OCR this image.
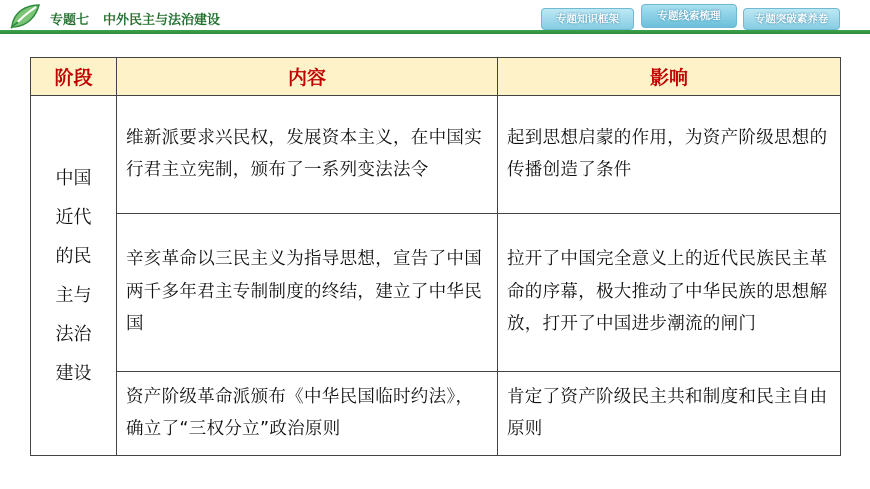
专题七 中外民主与法治建设	专题知识框架	专题线索梳理	专题突破素养卷
阶段	内容	影响
中国近代的民主与法治建设	维新派要求兴民权，发展资本主义，在中国实行君主立宪制，颁布了一系列变法法令	起到思想启蒙的作用，为资产阶级思想的传播创造了条件
	辛亥革命以三民主义为指导思想，宣告了中国两千多年君主专制制度的终结，建立了中华民国	拉开了中国完全意义上的近代民族民主革命的序幕，极大推动了中华民族的思想解放，打开了中国进步潮流的闸门
	资产阶级革命派颁布《中华民国临时约法》，确立了“三权分立”政治原则	肯定了资产阶级民主共和制度和民主自由原则
